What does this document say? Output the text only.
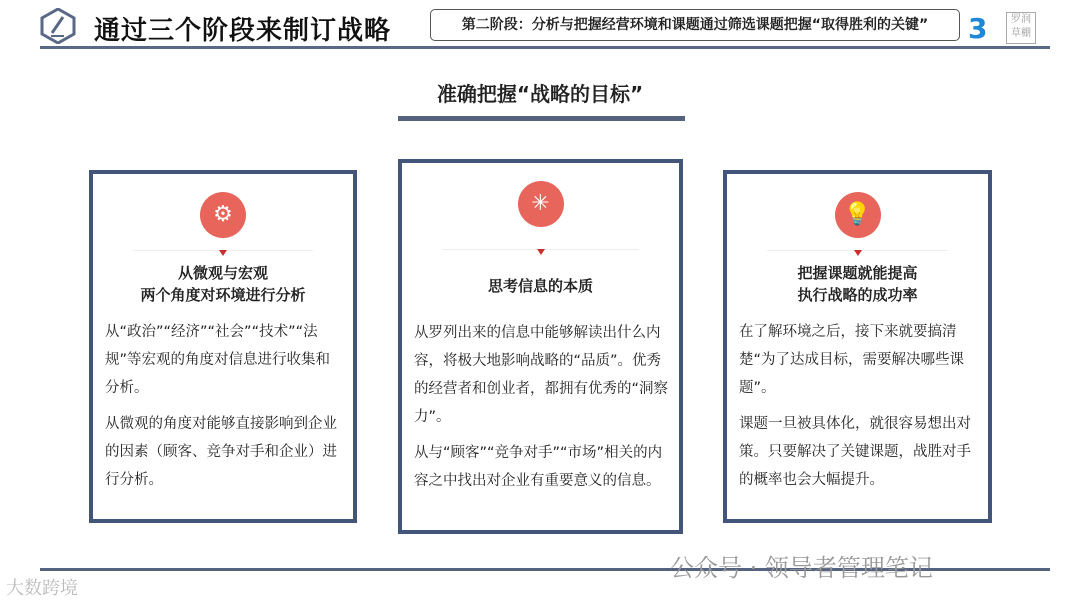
通过三个阶段来制订战略	第二阶段：分析与把握经营环境和课题通过筛选课题把握“取得胜利的关键”	3	罗润 草棚
准确把握“战略的目标”
⚙
从微观与宏观
两个角度对环境进行分析

从“政治”“经济”“社会”“技术”“法规”等宏观的角度对信息进行收集和分析。

从微观的角度对能够直接影响到企业的因素（顾客、竞争对手和企业）进行分析。

✳
思考信息的本质

从罗列出来的信息中能够解读出什么内容，将极大地影响战略的“品质”。优秀的经营者和创业者，都拥有优秀的“洞察力”。

从与“顾客”“竞争对手”“市场”相关的内容之中找出对企业有重要意义的信息。

💡
把握课题就能提高
执行战略的成功率

在了解环境之后，接下来就要搞清楚“为了达成目标，需要解决哪些课题”。

课题一旦被具体化，就很容易想出对策。只要解决了关键课题，战胜对手的概率也会大幅提升。

公众号 · 领导者管理笔记
大数跨境
